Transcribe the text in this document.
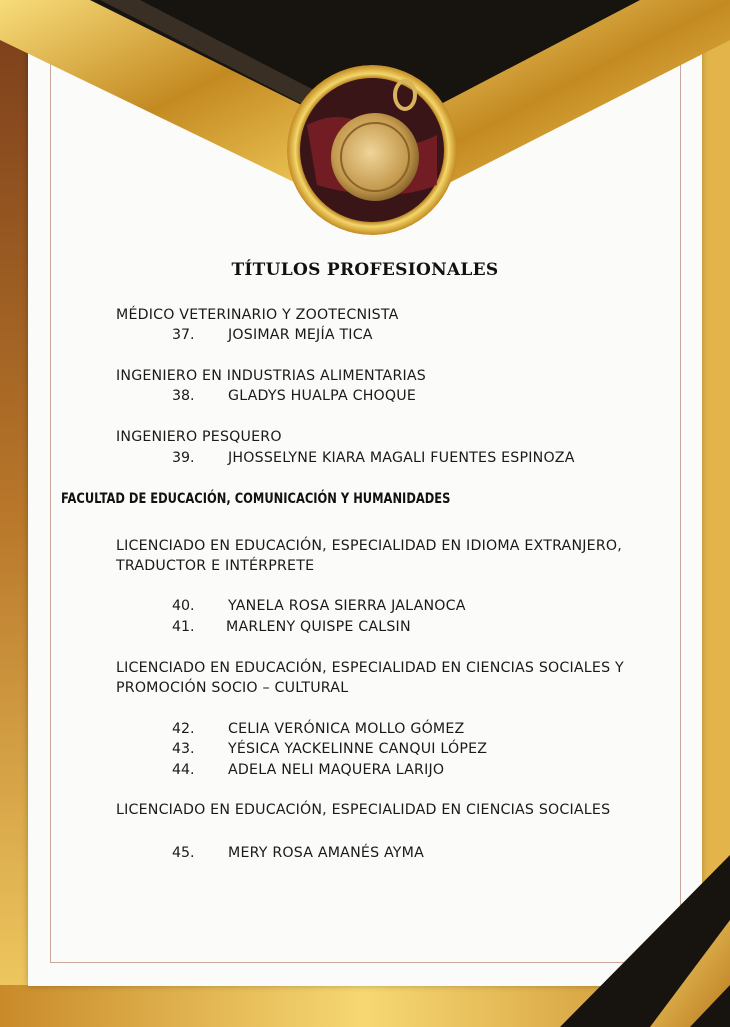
TÍTULOS PROFESIONALES
MÉDICO VETERINARIO Y ZOOTECNISTA
37. JOSIMAR MEJÍA TICA
INGENIERO EN INDUSTRIAS ALIMENTARIAS
38. GLADYS HUALPA CHOQUE
INGENIERO PESQUERO
39. JHOSSELYNE KIARA MAGALI FUENTES ESPINOZA
FACULTAD DE EDUCACIÓN, COMUNICACIÓN Y HUMANIDADES
LICENCIADO EN EDUCACIÓN, ESPECIALIDAD EN IDIOMA EXTRANJERO,
TRADUCTOR E INTÉRPRETE
40. YANELA ROSA SIERRA JALANOCA
41. MARLENY QUISPE CALSIN
LICENCIADO EN EDUCACIÓN, ESPECIALIDAD EN CIENCIAS SOCIALES Y
PROMOCIÓN SOCIO – CULTURAL
42. CELIA VERÓNICA MOLLO GÓMEZ
43. YÉSICA YACKELINNE CANQUI LÓPEZ
44. ADELA NELI MAQUERA LARIJO
LICENCIADO EN EDUCACIÓN, ESPECIALIDAD EN CIENCIAS SOCIALES
45. MERY ROSA AMANÉS AYMA
